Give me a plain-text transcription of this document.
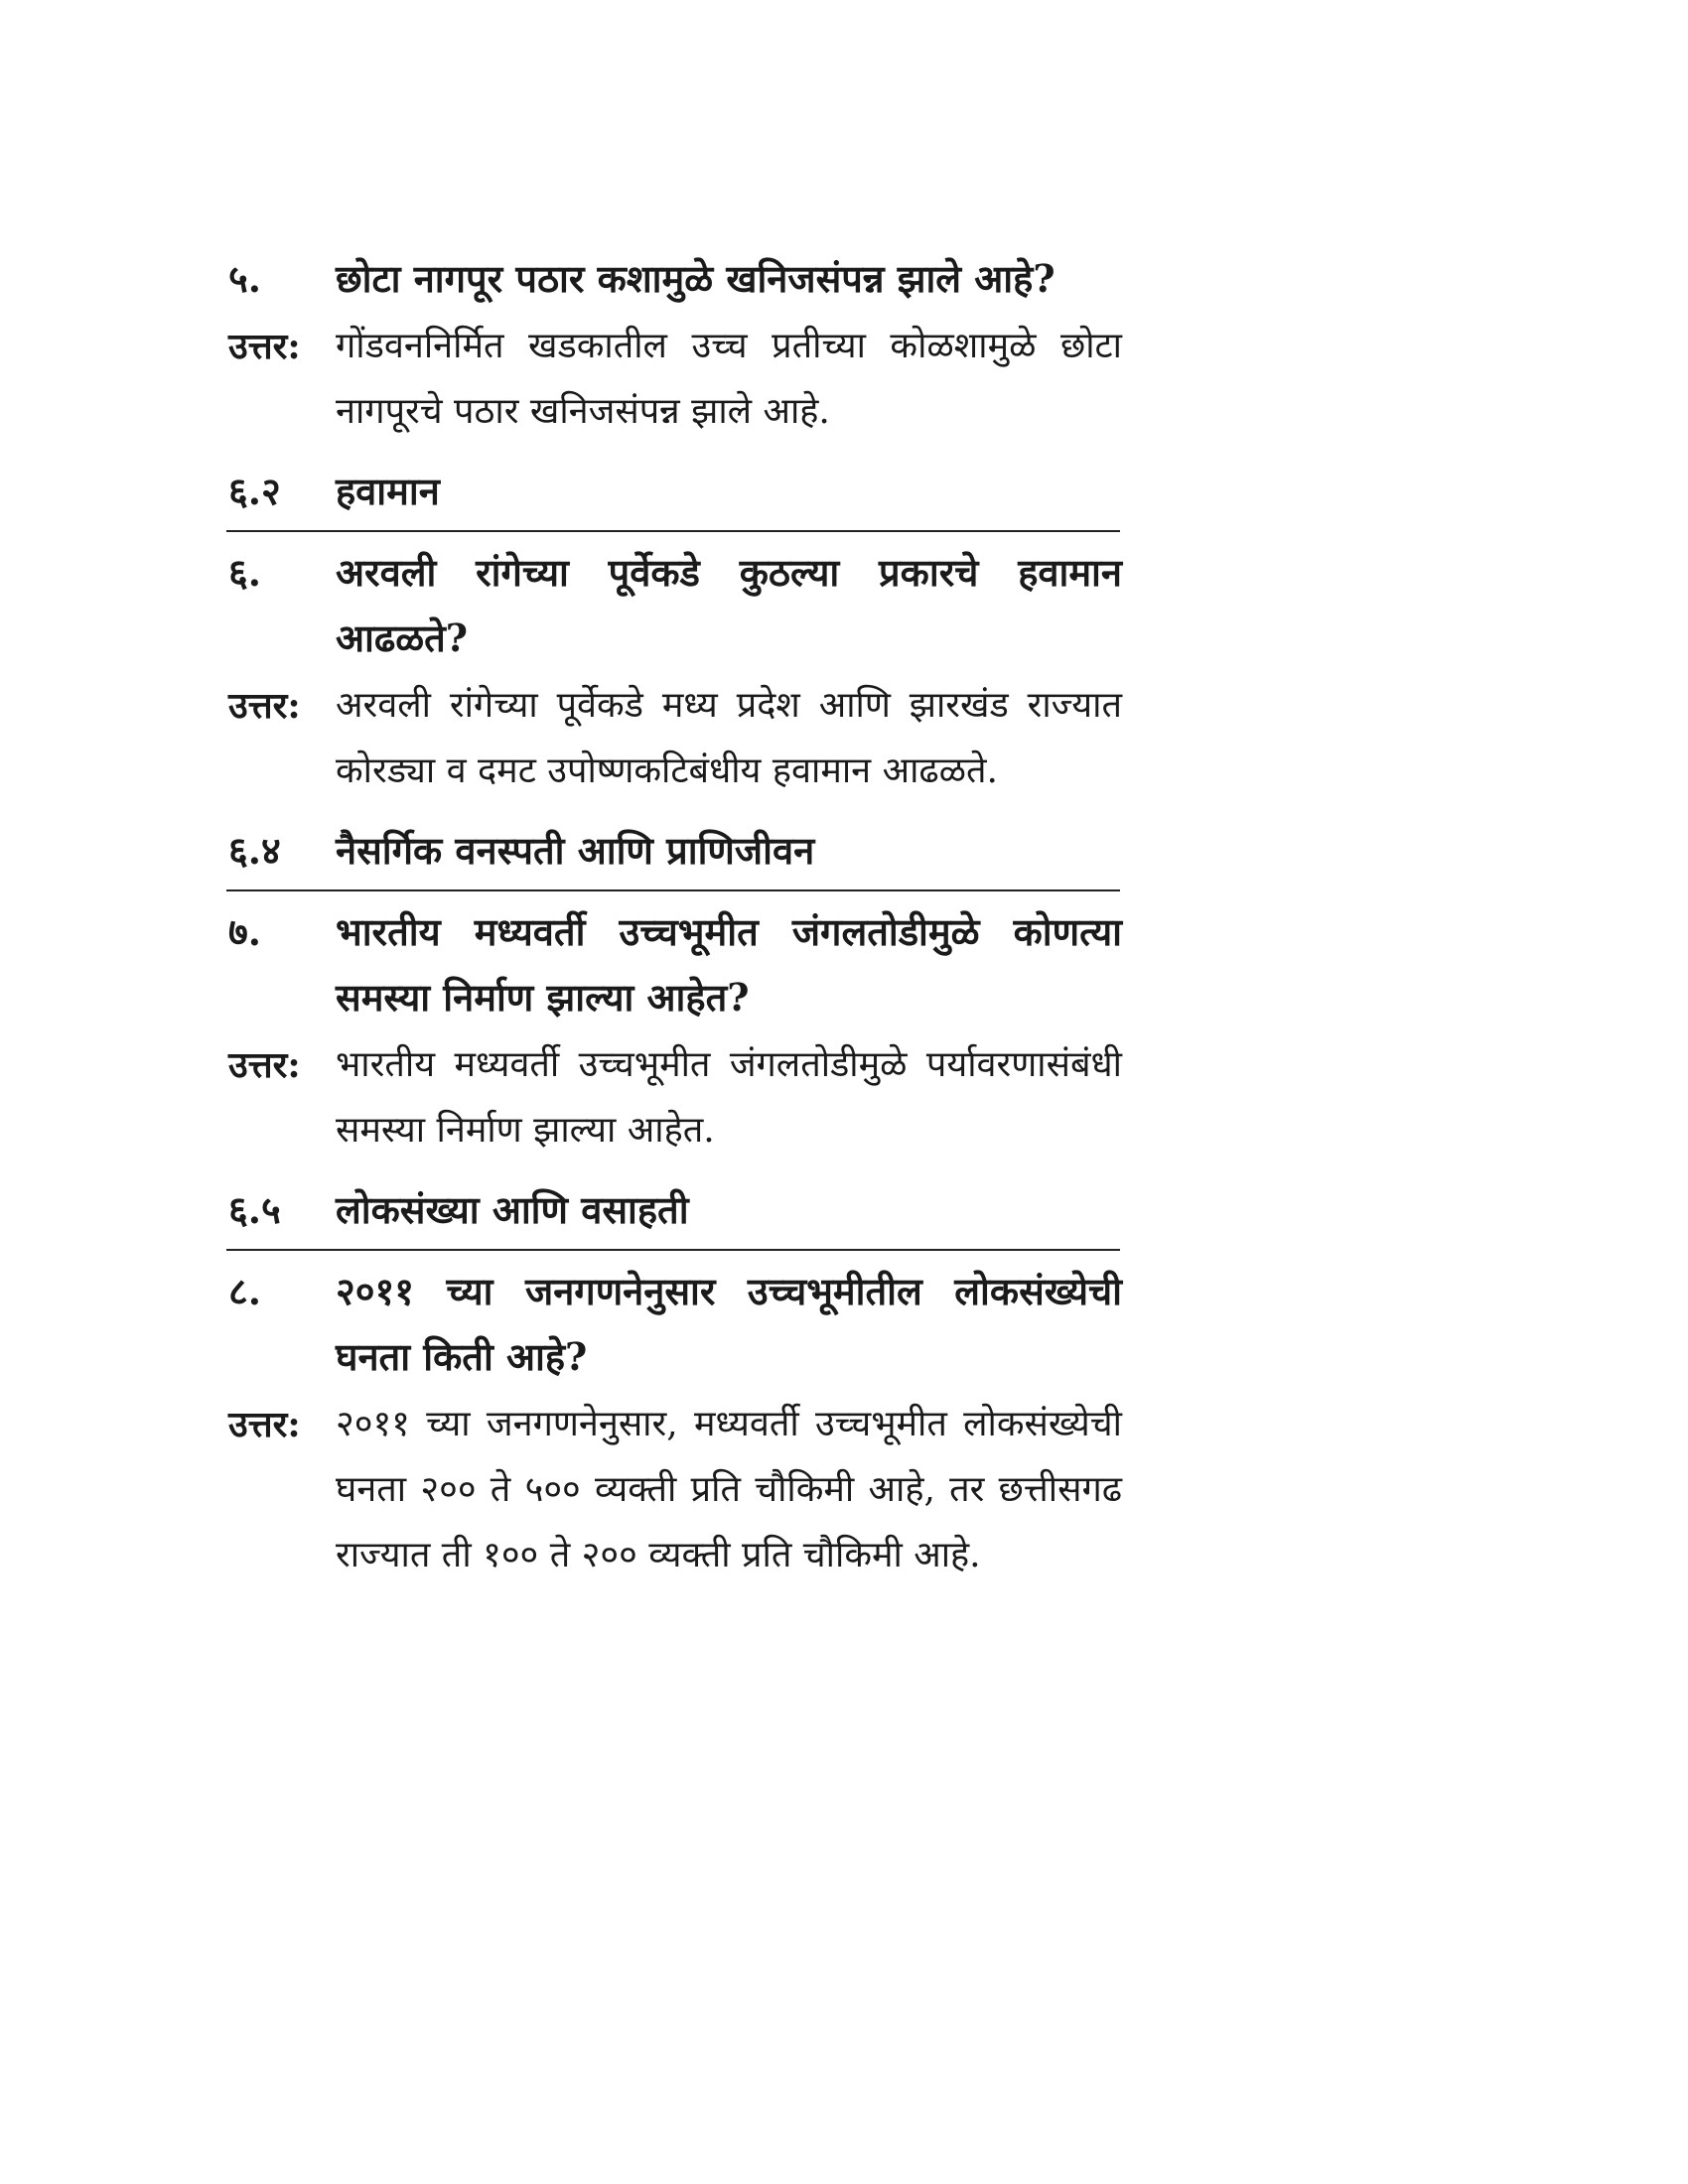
५.	छोटा नागपूर पठार कशामुळे खनिजसंपन्न झाले आहे?
उत्तर: गोंडवननिर्मित खडकातील उच्च प्रतीच्या कोळशामुळे छोटा नागपूरचे पठार खनिजसंपन्न झाले आहे.
६.२	हवामान
६.	अरवली रांगेच्या पूर्वेकडे कुठल्या प्रकारचे हवामान आढळते?
उत्तर: अरवली रांगेच्या पूर्वेकडे मध्य प्रदेश आणि झारखंड राज्यात कोरड्या व दमट उपोष्णकटिबंधीय हवामान आढळते.
६.४	नैसर्गिक वनस्पती आणि प्राणिजीवन
७.	भारतीय मध्यवर्ती उच्चभूमीत जंगलतोडीमुळे कोणत्या समस्या निर्माण झाल्या आहेत?
उत्तर: भारतीय मध्यवर्ती उच्चभूमीत जंगलतोडीमुळे पर्यावरणासंबंधी समस्या निर्माण झाल्या आहेत.
६.५	लोकसंख्या आणि वसाहती
८.	२०११ च्या जनगणनेनुसार उच्चभूमीतील लोकसंख्येची घनता किती आहे?
उत्तर: २०११ च्या जनगणनेनुसार, मध्यवर्ती उच्चभूमीत लोकसंख्येची घनता २०० ते ५०० व्यक्ती प्रति चौकिमी आहे, तर छत्तीसगढ राज्यात ती १०० ते २०० व्यक्ती प्रति चौकिमी आहे.
